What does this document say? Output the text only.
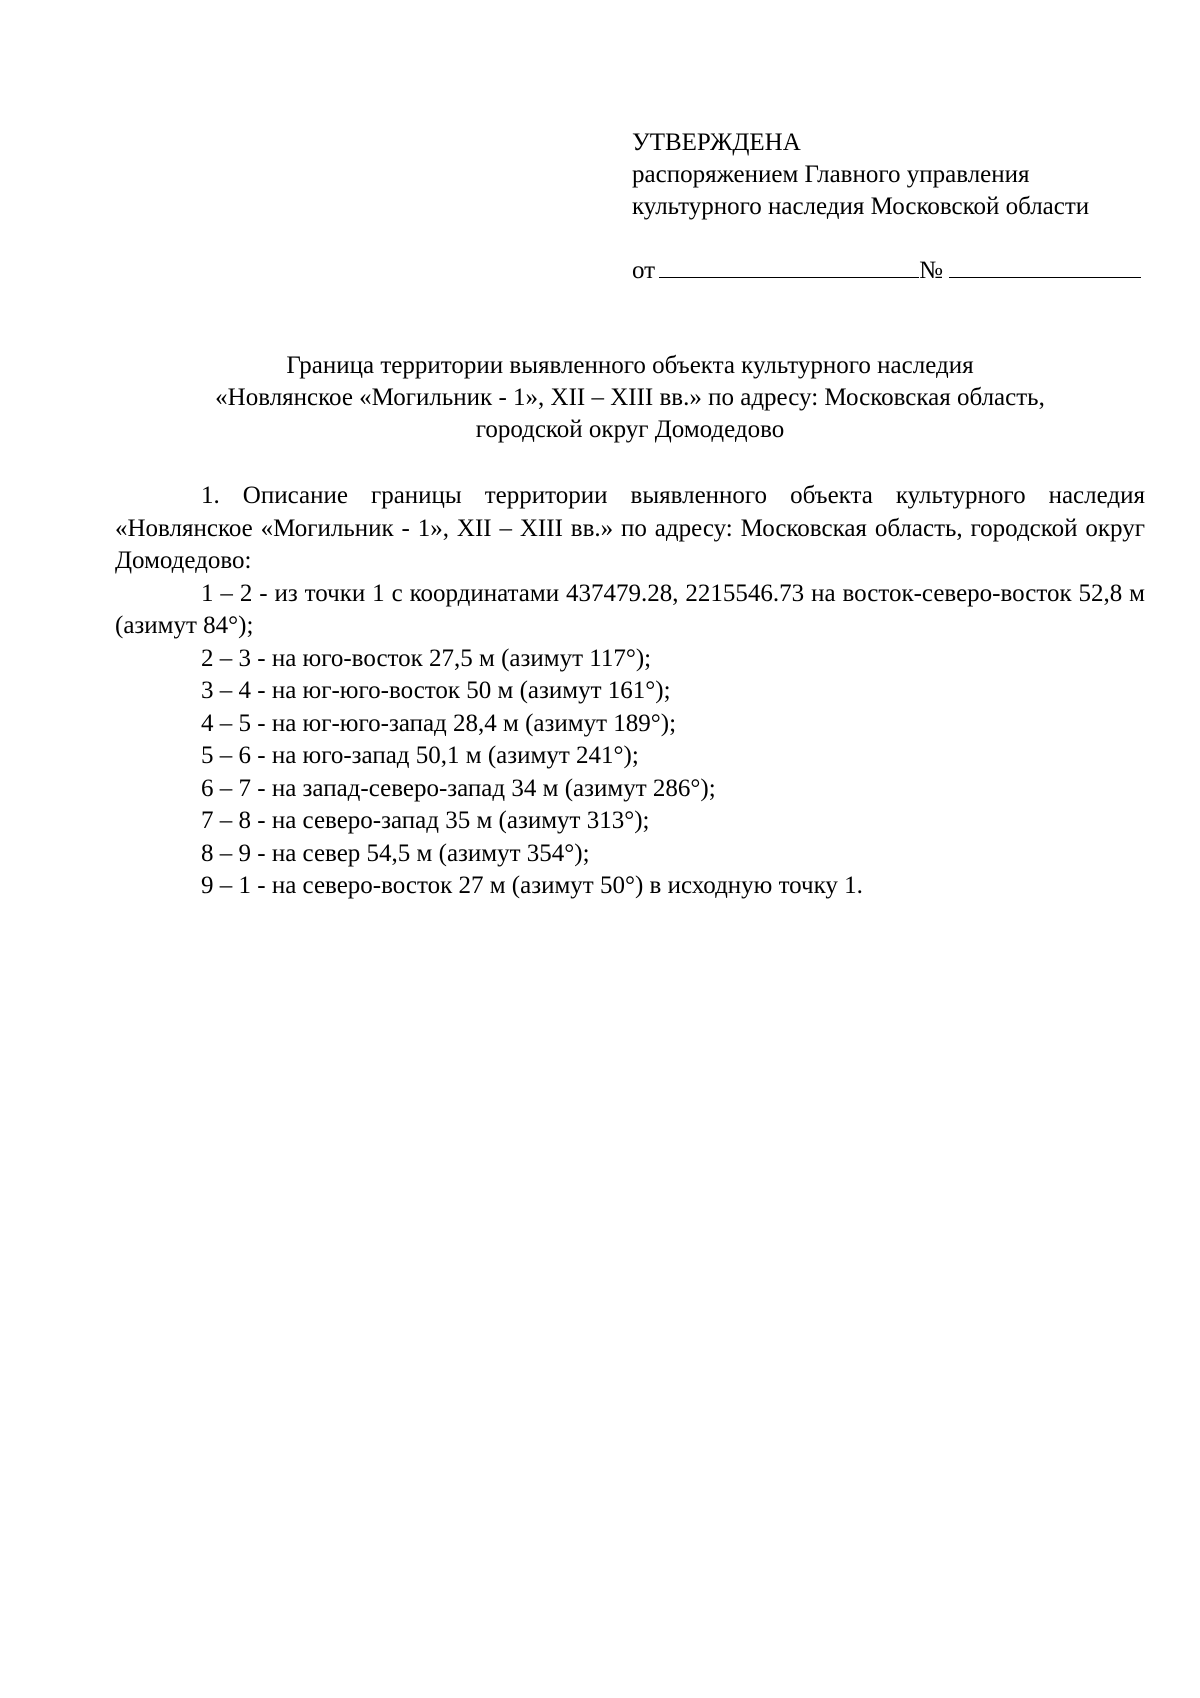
УТВЕРЖДЕНА
распоряжением Главного управления
культурного наследия Московской области
от	№
Граница территории выявленного объекта культурного наследия
«Новлянское «Могильник - 1», XII – XIII вв.» по адресу: Московская область,
городской округ Домодедово

1. Описание границы территории выявленного объекта культурного наследия «Новлянское «Могильник - 1», XII – XIII вв.» по адресу: Московская область, городской округ Домодедово:

1 – 2 - из точки 1 с координатами 437479.28, 2215546.73 на восток-северо-восток 52,8 м (азимут 84°);

2 – 3 - на юго-восток 27,5 м (азимут 117°);
3 – 4 - на юг-юго-восток 50 м (азимут 161°);
4 – 5 - на юг-юго-запад 28,4 м (азимут 189°);
5 – 6 - на юго-запад 50,1 м (азимут 241°);
6 – 7 - на запад-северо-запад 34 м (азимут 286°);
7 – 8 - на северо-запад 35 м (азимут 313°);
8 – 9 - на север 54,5 м (азимут 354°);
9 – 1 - на северо-восток 27 м (азимут 50°) в исходную точку 1.
